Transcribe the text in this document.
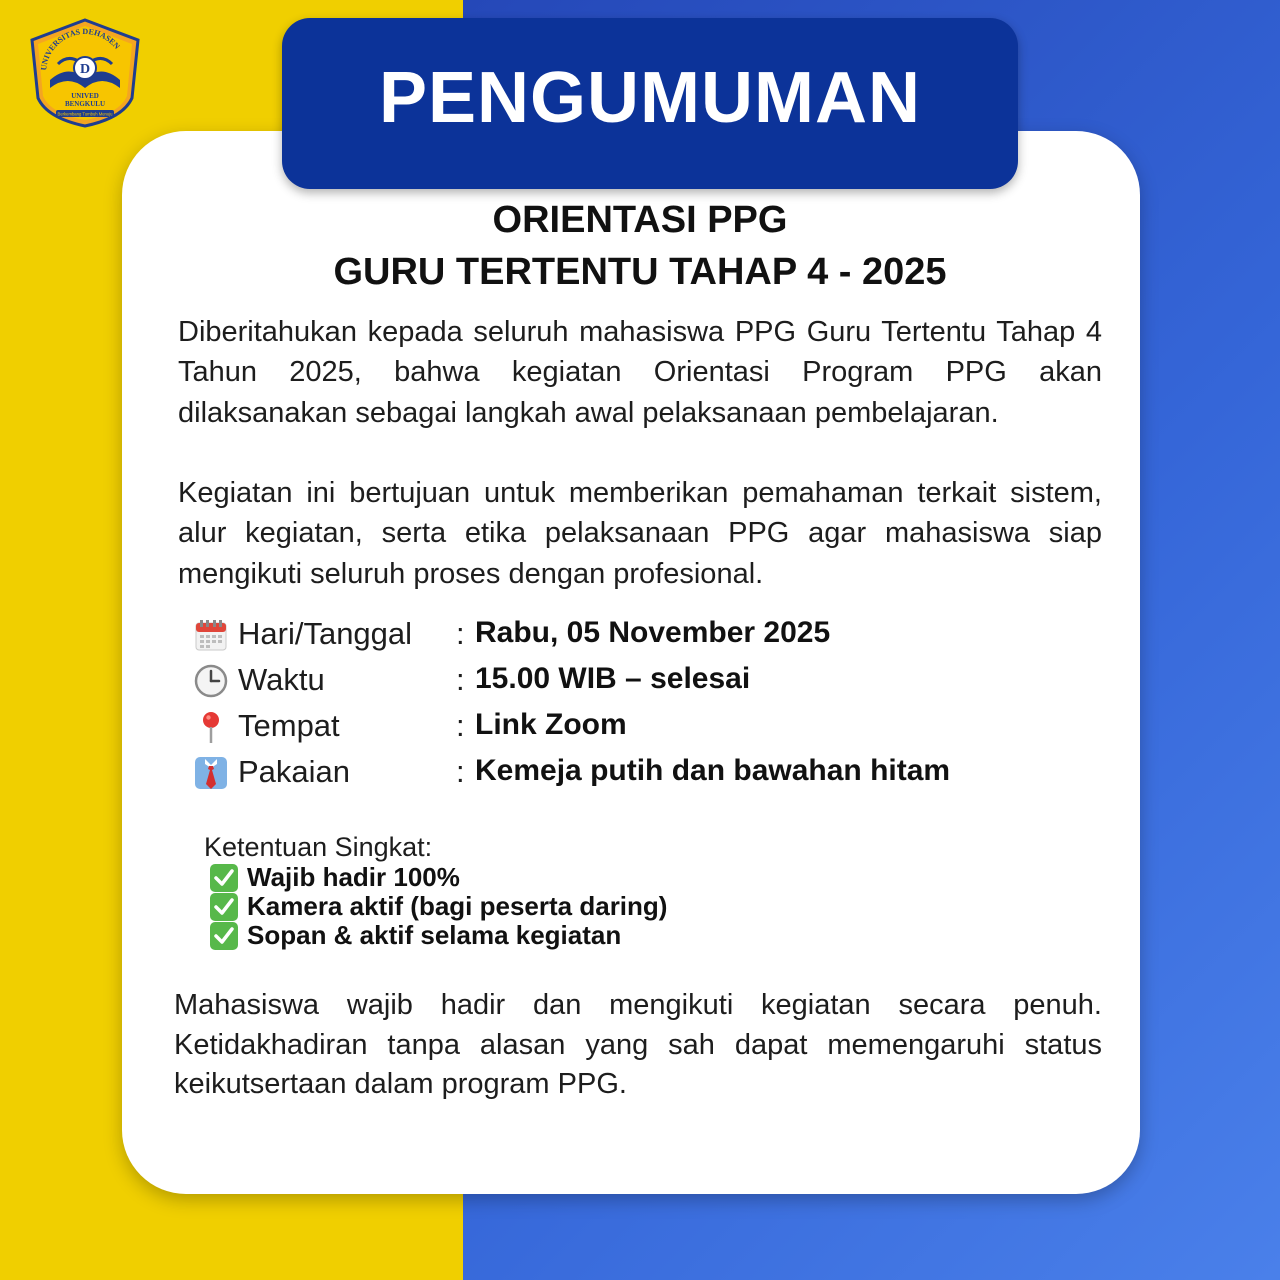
UNIVERSITAS DEHASEN
D
UNIVED
BENGKULU
Berkembang Tumbuh Menuju	PENGUMUMAN
ORIENTASI PPG
GURU TERTENTU TAHAP 4 - 2025
Diberitahukan kepada seluruh mahasiswa PPG Guru Tertentu Tahap 4 Tahun 2025, bahwa kegiatan Orientasi Program PPG akan dilaksanakan sebagai langkah awal pelaksanaan pembelajaran.
Kegiatan ini bertujuan untuk memberikan pemahaman terkait sistem, alur kegiatan, serta etika pelaksanaan PPG agar mahasiswa siap mengikuti seluruh proses dengan profesional.
Hari/Tanggal : Rabu, 05 November 2025
Waktu	: 15.00 WIB – selesai
Tempat	: Link Zoom
Pakaian	: Kemeja putih dan bawahan hitam
Ketentuan Singkat:
Wajib hadir 100%
Kamera aktif (bagi peserta daring)
Sopan & aktif selama kegiatan
Mahasiswa wajib hadir dan mengikuti kegiatan secara penuh. Ketidakhadiran tanpa alasan yang sah dapat memengaruhi status keikutsertaan dalam program PPG.
